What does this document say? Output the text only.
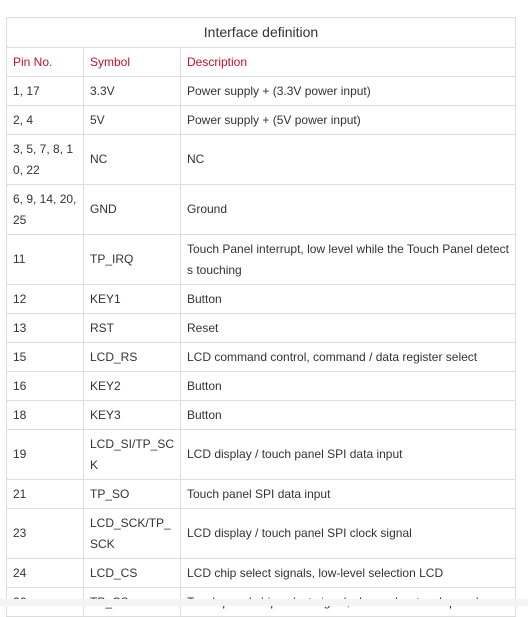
Interface definition		
Pin No.	Symbol	Description
1, 17	3.3V	Power supply + (3.3V power input)
2, 4	5V	Power supply + (5V power input)
3, 5, 7, 8, 10, 22	NC	NC
6, 9, 14, 20, 25	GND	Ground
11	TP_IRQ	Touch Panel interrupt, low level while the Touch Panel detects touching
12	KEY1	Button
13	RST	Reset
15	LCD_RS	LCD command control, command / data register select
16	KEY2	Button
18	KEY3	Button
19	LCD_SI/TP_SCK	LCD display / touch panel SPI data input
21	TP_SO	Touch panel SPI data input
23	LCD_SCK/TP_SCK	LCD display / touch panel SPI clock signal
24	LCD_CS	LCD chip select signals, low-level selection LCD
